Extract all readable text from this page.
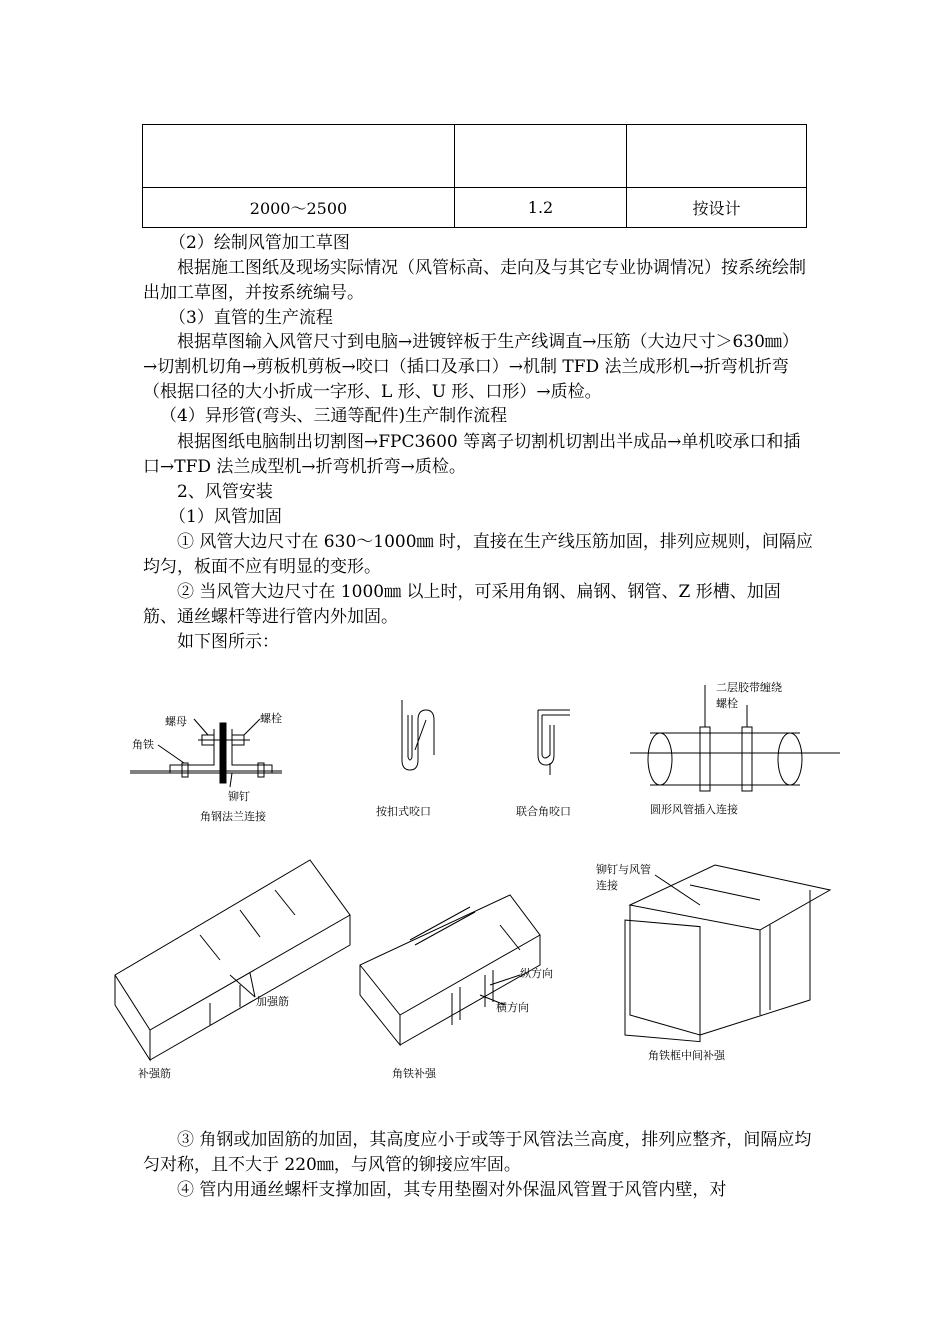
2000～2500	1.2	按设计

（2）绘制风管加工草图

根据施工图纸及现场实际情况（风管标高、走向及与其它专业协调情况）按系统绘制出加工草图，并按系统编号。

（3）直管的生产流程

根据草图输入风管尺寸到电脑→进镀锌板于生产线调直→压筋（大边尺寸＞630㎜）→切割机切角→剪板机剪板→咬口（插口及承口）→机制 TFD 法兰成形机→折弯机折弯（根据口径的大小折成一字形、L 形、U 形、口形）→质检。

（4）异形管(弯头、三通等配件)生产制作流程

根据图纸电脑制出切割图→FPC3600 等离子切割机切割出半成品→单机咬承口和插口→TFD 法兰成型机→折弯机折弯→质检。

2、风管安装

（1）风管加固

① 风管大边尺寸在 630～1000㎜ 时，直接在生产线压筋加固，排列应规则，间隔应均匀，板面不应有明显的变形。

② 当风管大边尺寸在 1000㎜ 以上时，可采用角钢、扁钢、钢管、Z 形槽、加固筋、通丝螺杆等进行管内外加固。

如下图所示：

螺母	螺栓
角铁
铆钉
角钢法兰连接	按扣式咬口	联合角咬口
二层胶带缠绕
螺栓
圆形风管插入连接
铆钉与风管
连接
加强筋
纵方向
横方向
补强筋	角铁补强
角铁框中间补强

③ 角钢或加固筋的加固，其高度应小于或等于风管法兰高度，排列应整齐，间隔应均匀对称，且不大于 220㎜，与风管的铆接应牢固。

④ 管内用通丝螺杆支撑加固，其专用垫圈对外保温风管置于风管内壁，对
